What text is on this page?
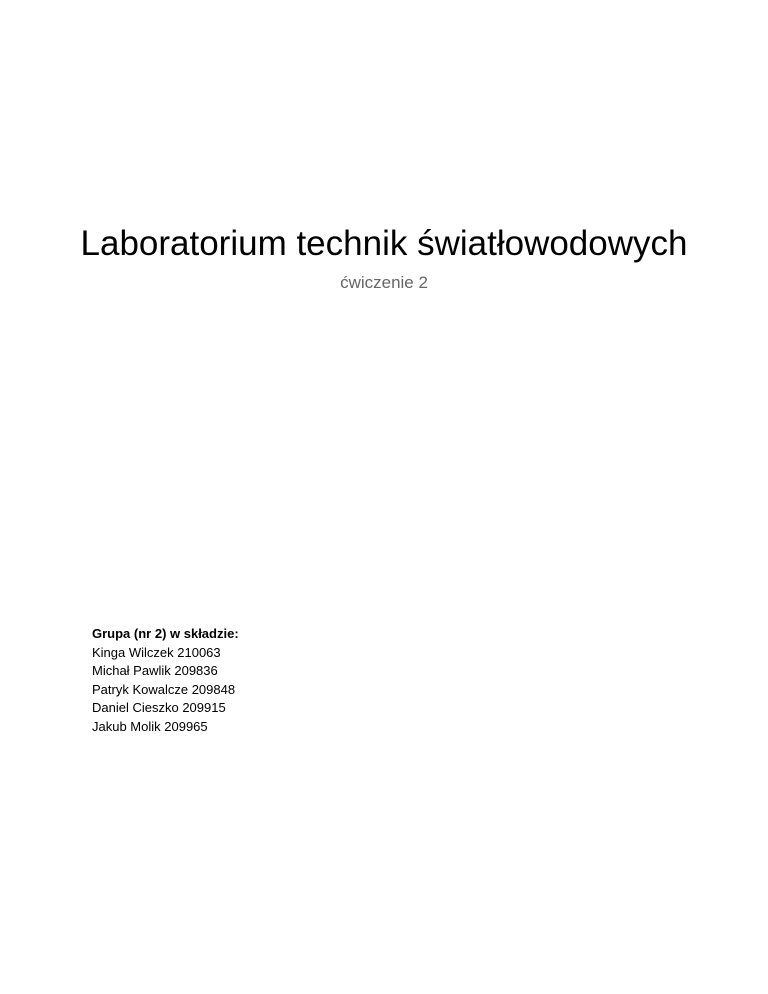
Laboratorium technik światłowodowych

ćwiczenie 2

Grupa (nr 2) w składzie:

Kinga Wilczek 210063

Michał Pawlik 209836

Patryk Kowalcze 209848

Daniel Cieszko 209915

Jakub Molik 209965
